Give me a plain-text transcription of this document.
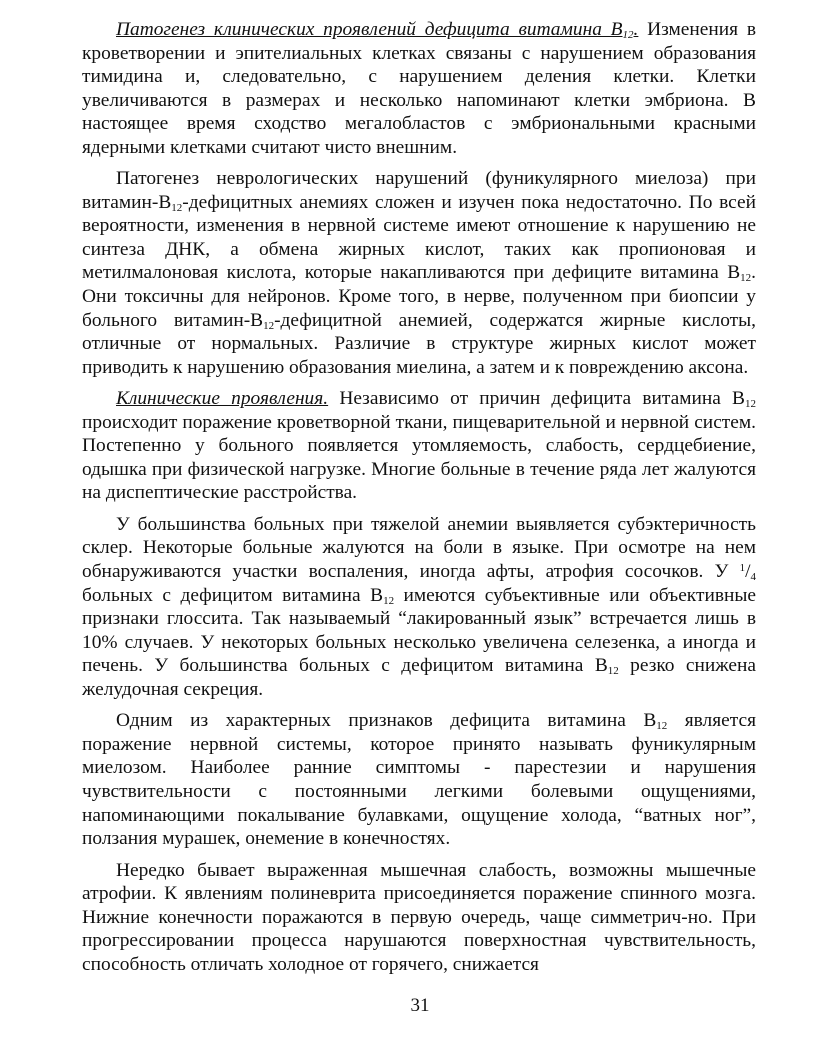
Патогенез клинических проявлений дефицита витамина $B_{12}$. Изменения в кроветворении и эпителиальных клетках связаны с нарушением образования тимидина и, следовательно, с нарушением деления клетки. Клетки увеличиваются в размерах и несколько напоминают клетки эмбриона. В настоящее время сходство мегалобластов с эмбриональными красными ядерными клетками считают чисто внешним.

Патогенез неврологических нарушений (фуникулярного миелоза) при витамин-$B_{12}$-дефицитных анемиях сложен и изучен пока недостаточно. По всей вероятности, изменения в нервной системе имеют отношение к нарушению не синтеза ДНК, а обмена жирных кислот, таких как пропионовая и метилмалоновая кислота, которые накапливаются при дефиците витамина $B_{12}$. Они токсичны для нейронов. Кроме того, в нерве, полученном при биопсии у больного витамин-$B_{12}$-дефицитной анемией, содержатся жирные кислоты, отличные от нормальных. Различие в структуре жирных кислот может приводить к нарушению образования миелина, а затем и к повреждению аксона.

Клинические проявления. Независимо от причин дефицита витамина $B_{12}$ происходит поражение кроветворной ткани, пищеварительной и нервной систем. Постепенно у больного появляется утомляемость, слабость, сердцебиение, одышка при физической нагрузке. Многие больные в течение ряда лет жалуются на диспептические расстройства.

У большинства больных при тяжелой анемии выявляется субэктеричность склер. Некоторые больные жалуются на боли в языке. При осмотре на нем обнаруживаются участки воспаления, иногда афты, атрофия сосочков. У $^1/_4$ больных с дефицитом витамина $B_{12}$ имеются субъективные или объективные признаки глоссита. Так называемый “лакированный язык” встречается лишь в 10% случаев. У некоторых больных несколько увеличена селезенка, а иногда и печень. У большинства больных с дефицитом витамина $B_{12}$ резко снижена желудочная секреция.

Одним из характерных признаков дефицита витамина $B_{12}$ является поражение нервной системы, которое принято называть фуникулярным миелозом. Наиболее ранние симптомы - парестезии и нарушения чувствительности с постоянными легкими болевыми ощущениями, напоминающими покалывание булавками, ощущение холода, “ватных ног”, ползания мурашек, онемение в конечностях.

Нередко бывает выраженная мышечная слабость, возможны мышечные атрофии. К явлениям полиневрита присоединяется поражение спинного мозга. Нижние конечности поражаются в первую очередь, чаще симметрич-но. При прогрессировании процесса нарушаются поверхностная чувствительность, способность отличать холодное от горячего, снижается

31
